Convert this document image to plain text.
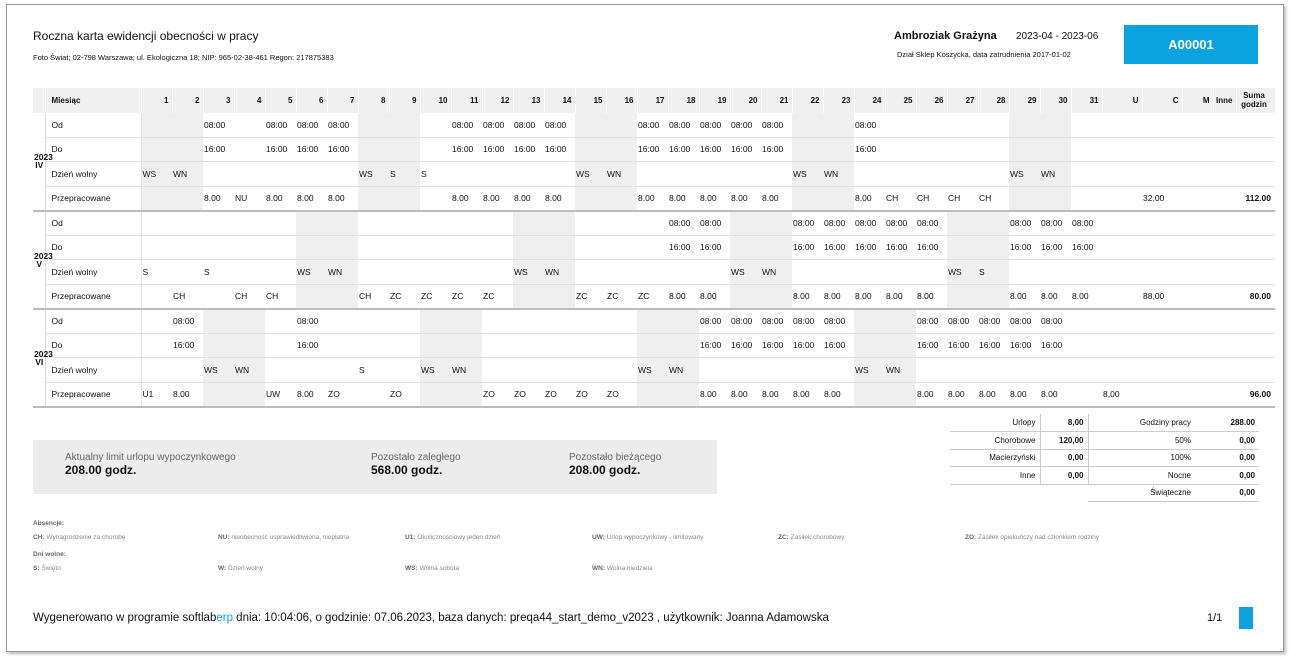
Roczna karta ewidencji obecności w pracy
Foto Świat; 02-798 Warszawa; ul. Ekologiczna 18; NIP: 965-02-38-461 Regon: 217875383
Ambroziak Grażyna 2023-04 - 2023-06
Dział Sklep Koszycka, data zatrudnienia 2017-01-02
A00001
	Miesiąc	1	2	3	4	5	6	7	8	9	10	11	12	13	14	15	16	17	18	19	20	21	22	23	24	25	26	27	28	29	30	31	U	C	M	Inne	Suma godzin

2023
IV	Od			08:00		08:00	08:00	08:00				08:00	08:00	08:00	08:00			08:00	08:00	08:00	08:00	08:00			08:00												
	Do			16:00		16:00	16:00	16:00				16:00	16:00	16:00	16:00			16:00	16:00	16:00	16:00	16:00			16:00												
	Dzień wolny	WS	WN						WS	S	S					WS	WN						WS	WN						WS	WN						
	Przepracowane			8.00	NU	8.00	8.00	8.00				8.00	8.00	8.00	8.00			8.00	8.00	8.00	8.00	8.00			8.00	CH	CH	CH	CH					32,00			112.00

2023
V	Od																		08:00	08:00			08:00	08:00	08:00	08:00	08:00			08:00	08:00	08:00					
	Do																		16:00	16:00			16:00	16:00	16:00	16:00	16:00			16:00	16:00	16:00					
	Dzień wolny	S		S			WS	WN						WS	WN						WS	WN						WS	S								
	Przepracowane		CH		CH	CH			CH	ZC	ZC	ZC	ZC			ZC	ZC	ZC	8.00	8.00			8.00	8.00	8.00	8.00	8.00			8.00	8.00	8.00		88,00			80.00

2023
VI	Od		08:00				08:00													08:00	08:00	08:00	08:00	08:00			08:00	08:00	08:00	08:00	08:00						
	Do		16:00				16:00													16:00	16:00	16:00	16:00	16:00			16:00	16:00	16:00	16:00	16:00						
	Dzień wolny			WS	WN				S		WS	WN						WS	WN						WS	WN											
	Przepracowane	U1	8.00			UW	8.00	ZO		ZO			ZO	ZO	ZO	ZO	ZO			8.00	8.00	8.00	8.00	8.00			8.00	8.00	8.00	8.00	8.00		8,00				96.00
Aktualny limit urlopu wypoczynkowego
208.00 godz.
Pozostało zaległego
568.00 godz.
Pozostało bieżącego
208.00 godz.
Urlopy	8,00	Godziny pracy	288.00
Chorobowe	120,00	50%	0,00
Macierzyński	0,00	100%	0,00
Inne	0,00	Nocne	0,00
		Świąteczne	0,00
Absencje:
CH: Wynagrodzenie za chorobę	NU: nieobecność usprawiedliwiona, niepłatna	U1: Okolicznościowy jeden dzień	UW: Urlop wypoczynkowy - limitowany	ZC: Zasiłek chorobowy	ZO: Zasiłek opiekuńczy nad członkiem rodziny
Dni wolne:
S: Święto	W: Dzień wolny	WS: Wolna sobota	WN: Wolna niedziela
Wygenerowano w programie softlaberp dnia: 10:04:06, o godzinie: 07.06.2023, baza danych: preqa44_start_demo_v2023 , użytkownik: Joanna Adamowska	1/1
